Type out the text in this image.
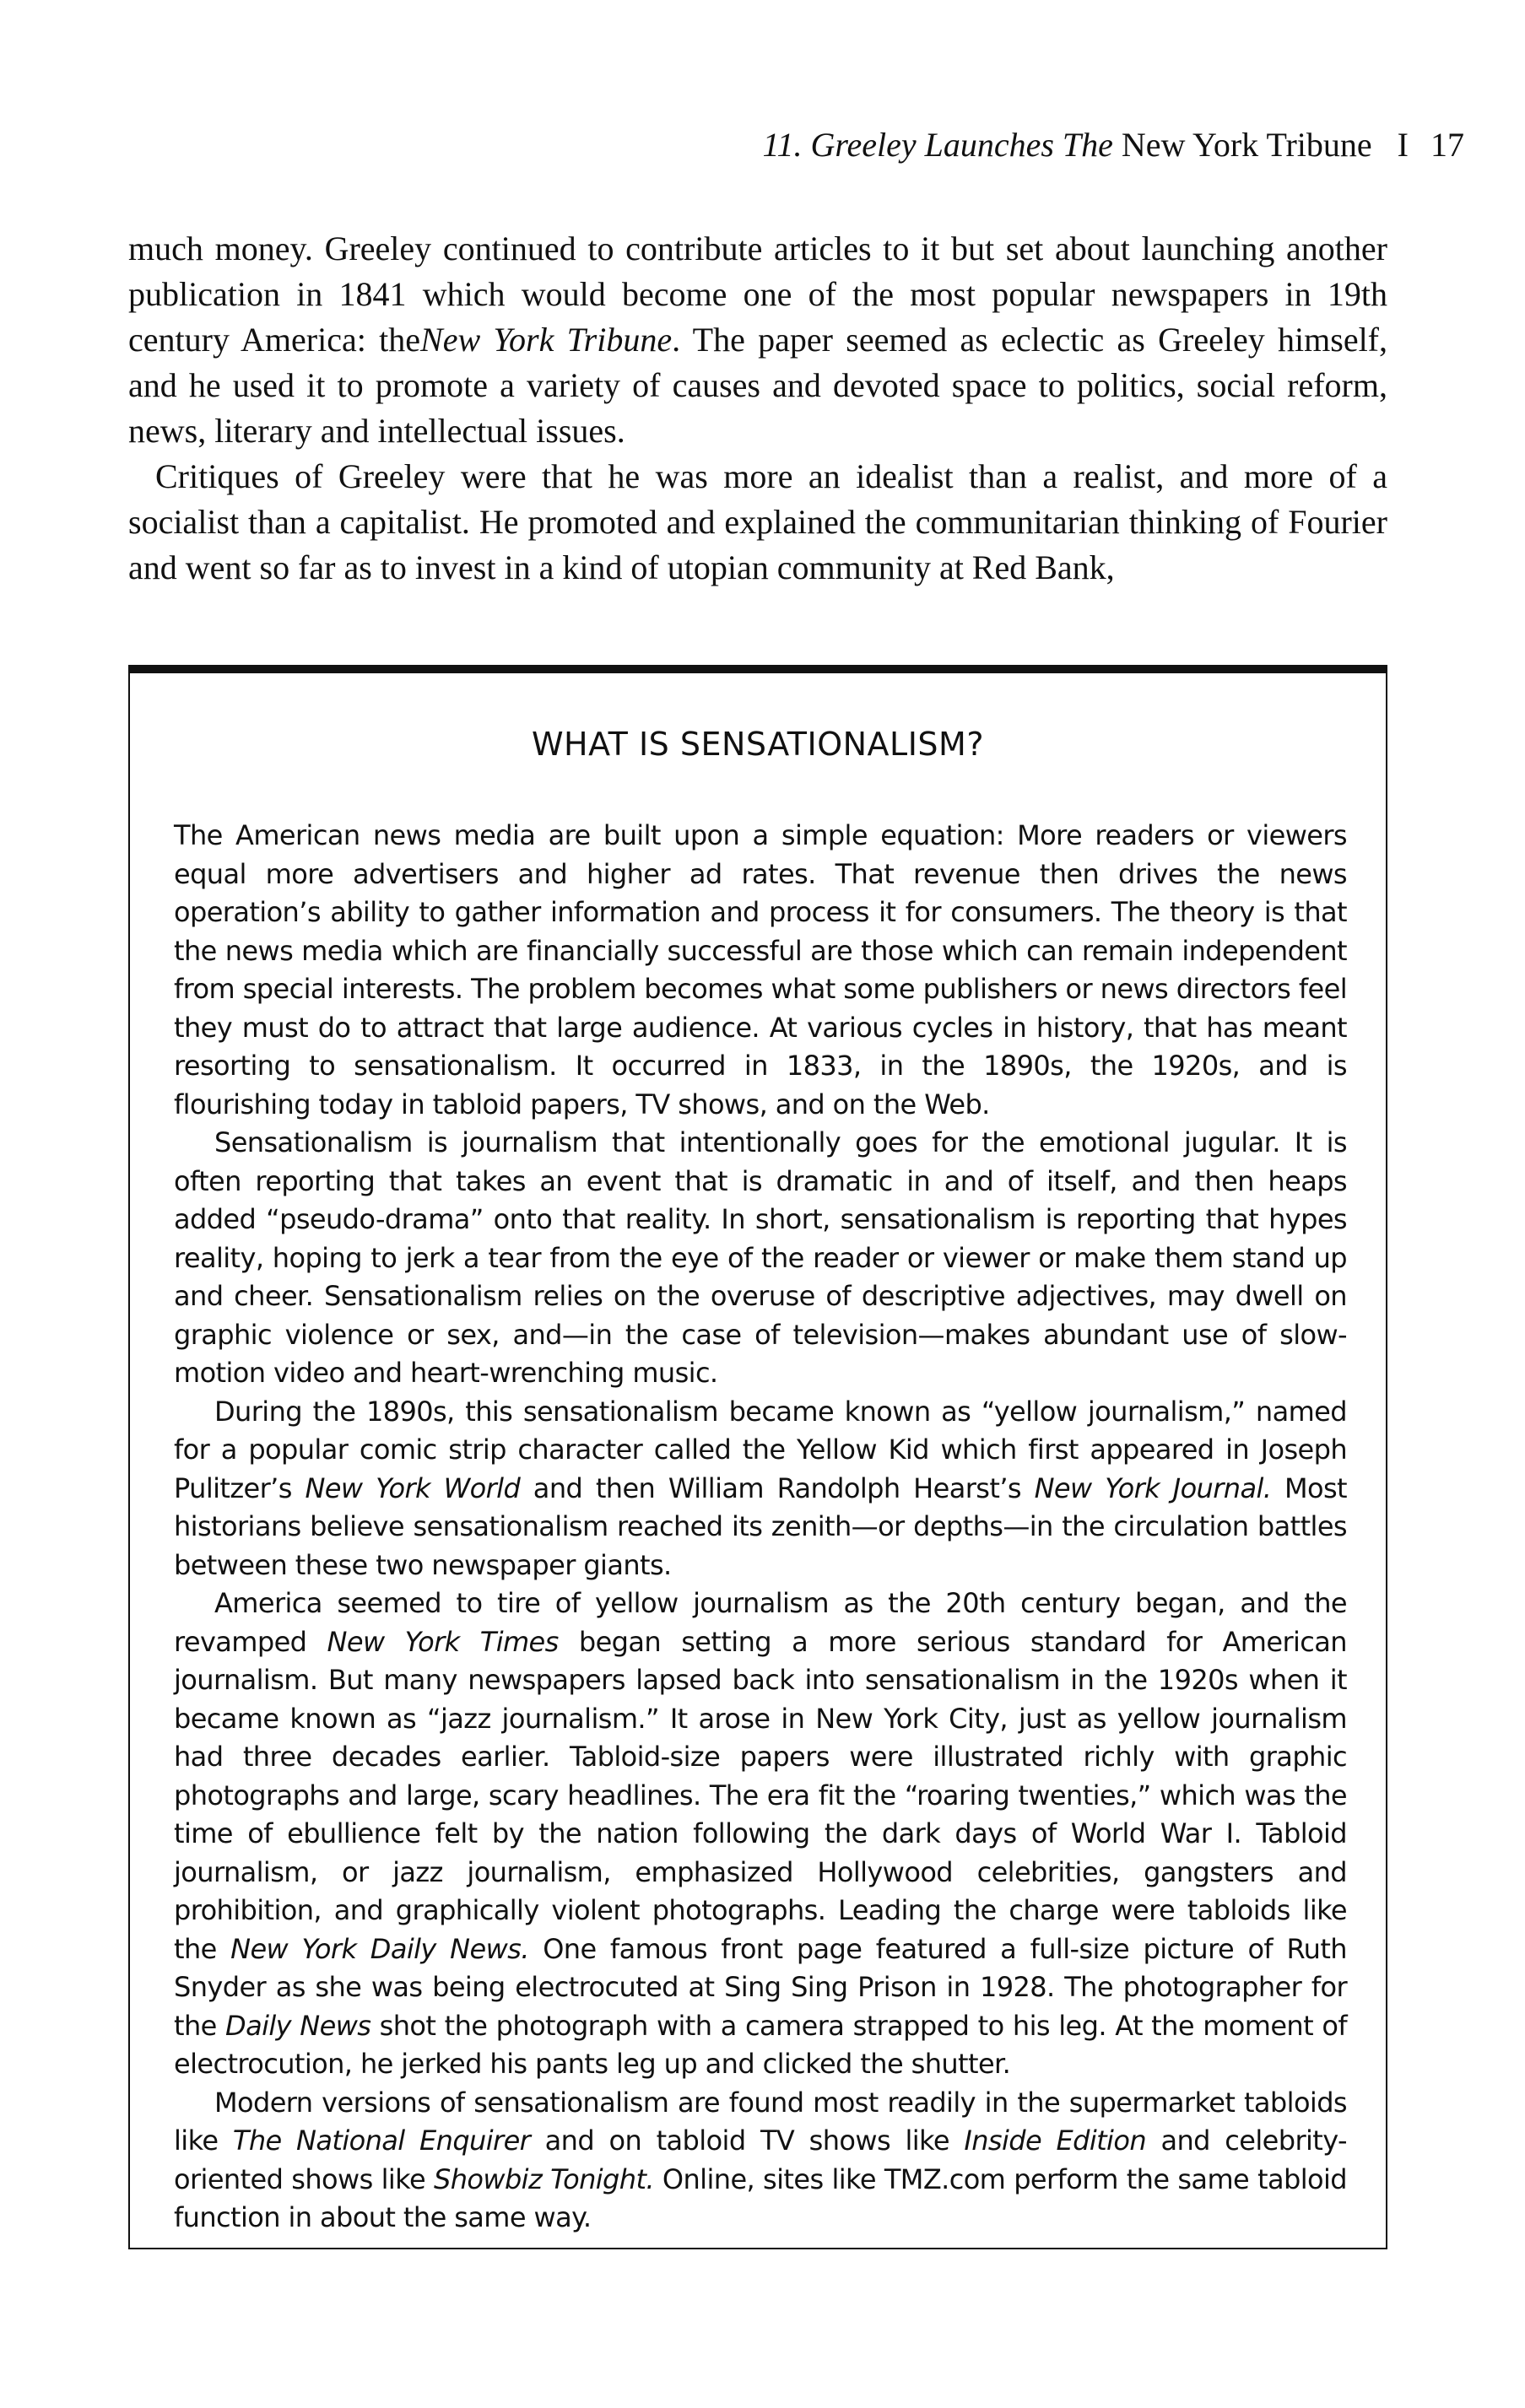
11. Greeley Launches The New York Tribune I 17

much money. Greeley continued to contribute articles to it but set about launching another publication in 1841 which would become one of the most popular newspapers in 19th century America: theNew York Tribune. The paper seemed as eclectic as Greeley himself, and he used it to promote a variety of causes and devoted space to politics, social reform, news, literary and intellectual issues.

Critiques of Greeley were that he was more an idealist than a realist, and more of a socialist than a capitalist. He promoted and explained the communitarian thinking of Fourier and went so far as to invest in a kind of utopian community at Red Bank,

WHAT IS SENSATIONALISM?

The American news media are built upon a simple equation: More readers or viewers equal more advertisers and higher ad rates. That revenue then drives the news operation’s ability to gather information and process it for consumers. The theory is that the news media which are financially successful are those which can remain independent from special interests. The problem becomes what some publishers or news directors feel they must do to attract that large audience. At various cycles in history, that has meant resorting to sensationalism. It occurred in 1833, in the 1890s, the 1920s, and is flourishing today in tabloid papers, TV shows, and on the Web.

Sensationalism is journalism that intentionally goes for the emotional jugular. It is often reporting that takes an event that is dramatic in and of itself, and then heaps added “pseudo-drama” onto that reality. In short, sensationalism is reporting that hypes reality, hoping to jerk a tear from the eye of the reader or viewer or make them stand up and cheer. Sensationalism relies on the overuse of descriptive adjectives, may dwell on graphic violence or sex, and—in the case of television—makes abundant use of slow-motion video and heart-wrenching music.

During the 1890s, this sensationalism became known as “yellow journalism,” named for a popular comic strip character called the Yellow Kid which first appeared in Joseph Pulitzer’s New York World and then William Randolph Hearst’s New York Journal. Most historians believe sensationalism reached its zenith—or depths—in the circulation battles between these two newspaper giants.

America seemed to tire of yellow journalism as the 20th century began, and the revamped New York Times began setting a more serious standard for American journalism. But many newspapers lapsed back into sensationalism in the 1920s when it became known as “jazz journalism.” It arose in New York City, just as yellow journalism had three decades earlier. Tabloid-size papers were illustrated richly with graphic photographs and large, scary headlines. The era fit the “roaring twenties,” which was the time of ebullience felt by the nation following the dark days of World War I. Tabloid journalism, or jazz journalism, emphasized Hollywood celebrities, gangsters and prohibition, and graphically violent photographs. Leading the charge were tabloids like the New York Daily News. One famous front page featured a full-size picture of Ruth Snyder as she was being electrocuted at Sing Sing Prison in 1928. The photographer for the Daily News shot the photograph with a camera strapped to his leg. At the moment of electrocution, he jerked his pants leg up and clicked the shutter.

Modern versions of sensationalism are found most readily in the supermarket tabloids like The National Enquirer and on tabloid TV shows like Inside Edition and celebrity-oriented shows like Showbiz Tonight. Online, sites like TMZ.com perform the same tabloid function in about the same way.
